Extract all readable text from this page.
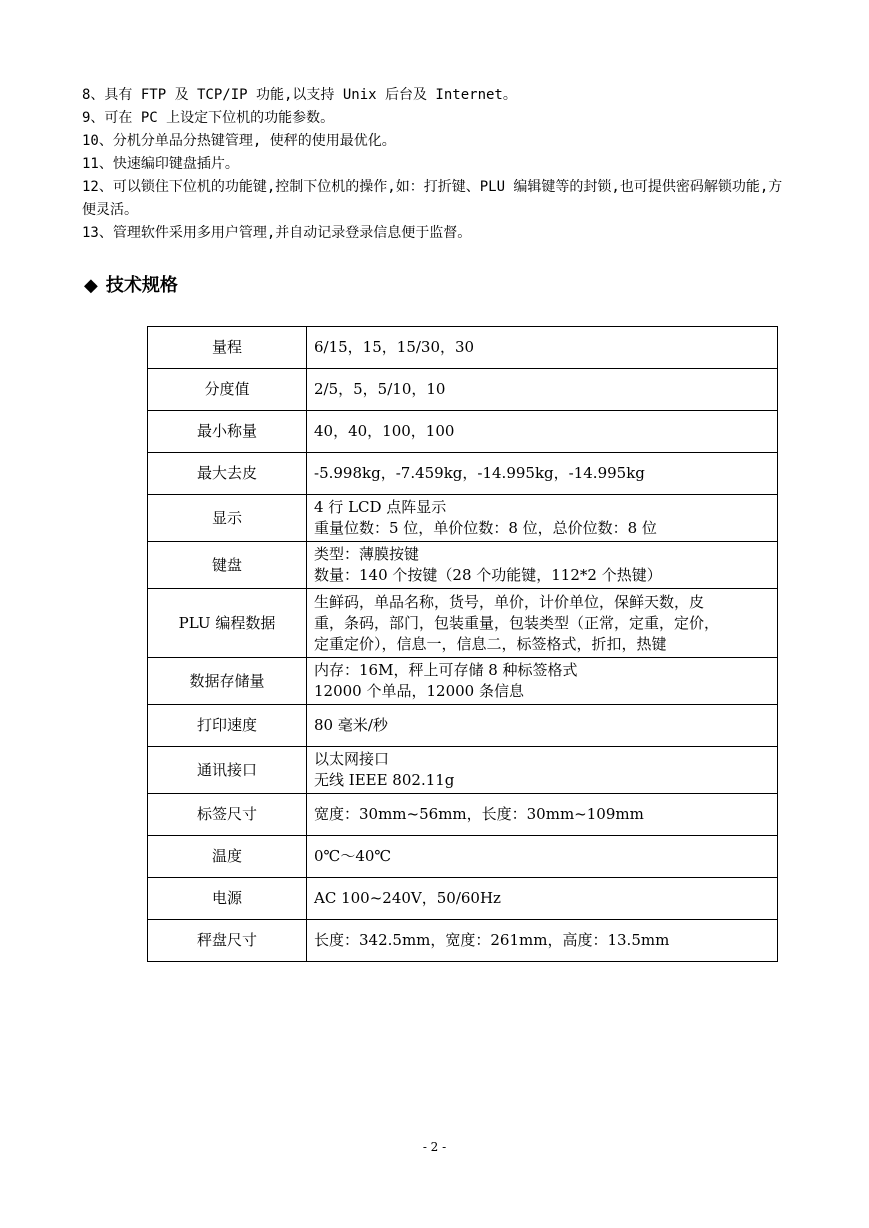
8、具有 FTP 及 TCP/IP 功能,以支持 Unix 后台及 Internet。

9、可在 PC 上设定下位机的功能参数。

10、分机分单品分热键管理, 使秤的使用最优化。

11、快速编印键盘插片。

12、可以锁住下位机的功能键,控制下位机的操作,如：打折键、PLU 编辑键等的封锁,也可提供密码解锁功能,方便灵活。

13、管理软件采用多用户管理,并自动记录登录信息便于监督。

◆ 技术规格
量程	6/15，15，15/30，30

分度值	2/5，5，5/10，10

最小称量	40，40，100，100

最大去皮	-5.998kg，-7.459kg，-14.995kg，-14.995kg

显示	4 行 LCD 点阵显示
重量位数：5 位，单价位数：8 位，总价位数：8 位

键盘	类型：薄膜按键
数量：140 个按键（28 个功能键，112*2 个热键）

PLU 编程数据	生鲜码，单品名称，货号，单价，计价单位，保鲜天数，皮
重，条码，部门，包装重量，包装类型（正常，定重，定价，
定重定价），信息一，信息二，标签格式，折扣，热键

数据存储量	内存：16M，秤上可存储 8 种标签格式
12000 个单品，12000 条信息

打印速度	80 毫米/秒

通讯接口	以太网接口
无线 IEEE 802.11g

标签尺寸	宽度：30mm~56mm，长度：30mm~109mm

温度	0℃～40℃

电源	AC 100~240V，50/60Hz

秤盘尺寸	长度：342.5mm，宽度：261mm，高度：13.5mm
- 2 -
